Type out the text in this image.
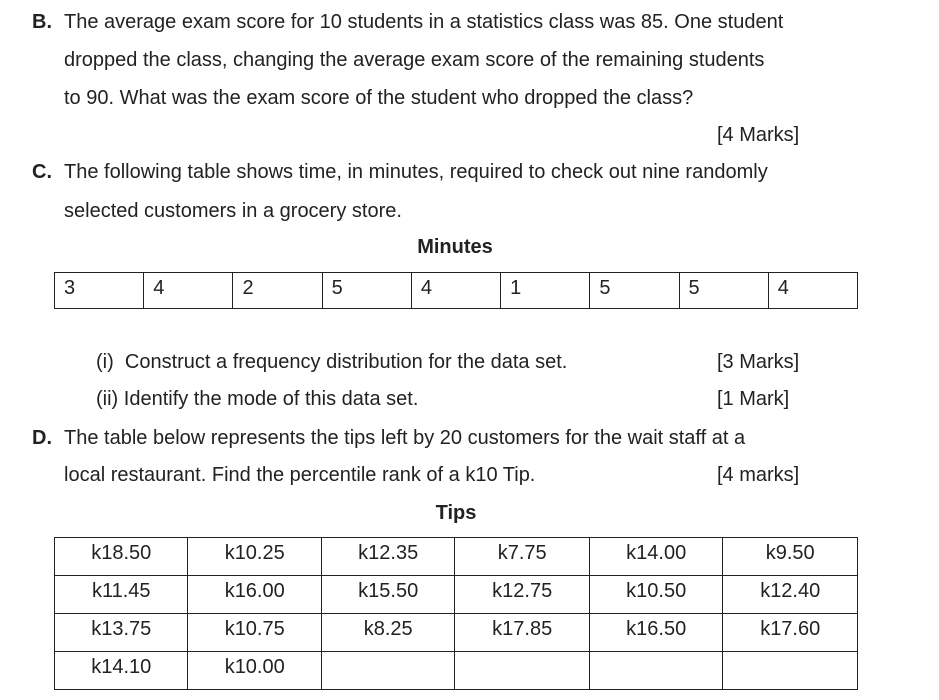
B. The average exam score for 10 students in a statistics class was 85. One student
dropped the class, changing the average exam score of the remaining students
to 90. What was the exam score of the student who dropped the class?
[4 Marks]
C. The following table shows time, in minutes, required to check out nine randomly
selected customers in a grocery store.
Minutes
3	4	2	5	4	1	5	5	4
(i)  Construct a frequency distribution for the data set.	[3 Marks]
(ii) Identify the mode of this data set.	[1 Mark]
D. The table below represents the tips left by 20 customers for the wait staff at a
local restaurant. Find the percentile rank of a k10 Tip.	[4 marks]
Tips
k18.50	k10.25	k12.35	k7.75	k14.00	k9.50
k11.45	k16.00	k15.50	k12.75	k10.50	k12.40
k13.75	k10.75	k8.25	k17.85	k16.50	k17.60
k14.10	k10.00				
